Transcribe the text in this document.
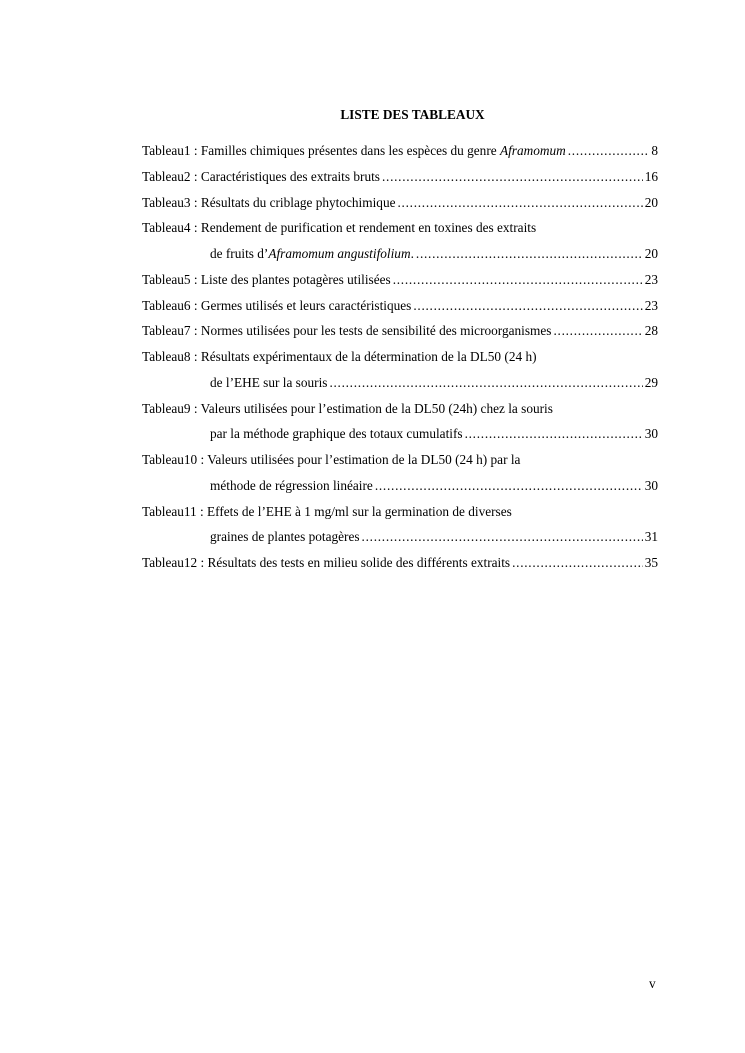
LISTE DES TABLEAUX
Tableau1 : Familles chimiques présentes dans les espèces du genre Aframomum . . .	8
Tableau2 : Caractéristiques des extraits bruts . . .	16
Tableau3 : Résultats du criblage phytochimique . . .	20
Tableau4 : Rendement de purification et rendement en toxines des extraits
de fruits d’Aframomum angustifolium. . . .	20
Tableau5 : Liste des plantes potagères utilisées . . .	23
Tableau6 : Germes utilisés et leurs caractéristiques . . .	23
Tableau7 : Normes utilisées pour les tests de sensibilité des microorganismes . . .	28
Tableau8 : Résultats expérimentaux de la détermination de la DL50 (24 h)
de l’EHE sur la souris . . .	29
Tableau9 : Valeurs utilisées pour l’estimation de la DL50 (24h) chez la souris
par la méthode graphique des totaux cumulatifs . . .	30
Tableau10 : Valeurs utilisées pour l’estimation de la DL50 (24 h) par la
méthode de régression linéaire . . .	30
Tableau11 : Effets de l’EHE à 1 mg/ml sur la germination de diverses
graines de plantes potagères . . .	31
Tableau12 : Résultats des tests en milieu solide des différents extraits . . .	35
v
